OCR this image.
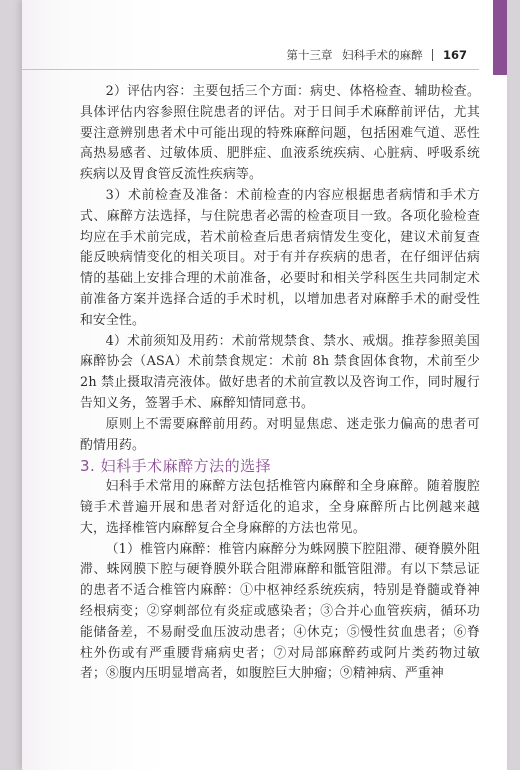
第十三章 妇科手术的麻醉 167

2）评估内容：主要包括三个方面：病史、体格检查、辅助检查。具体评估内容参照住院患者的评估。对于日间手术麻醉前评估，尤其要注意辨别患者术中可能出现的特殊麻醉问题，包括困难气道、恶性高热易感者、过敏体质、肥胖症、血液系统疾病、心脏病、呼吸系统疾病以及胃食管反流性疾病等。

3）术前检查及准备：术前检查的内容应根据患者病情和手术方式、麻醉方法选择，与住院患者必需的检查项目一致。各项化验检查均应在手术前完成，若术前检查后患者病情发生变化，建议术前复查能反映病情变化的相关项目。对于有并存疾病的患者，在仔细评估病情的基础上安排合理的术前准备，必要时和相关学科医生共同制定术前准备方案并选择合适的手术时机，以增加患者对麻醉手术的耐受性和安全性。

4）术前须知及用药：术前常规禁食、禁水、戒烟。推荐参照美国麻醉协会（ASA）术前禁食规定：术前 8h 禁食固体食物，术前至少 2h 禁止摄取清亮液体。做好患者的术前宣教以及咨询工作，同时履行告知义务，签署手术、麻醉知情同意书。

原则上不需要麻醉前用药。对明显焦虑、迷走张力偏高的患者可酌情用药。

3. 妇科手术麻醉方法的选择

妇科手术常用的麻醉方法包括椎管内麻醉和全身麻醉。随着腹腔镜手术普遍开展和患者对舒适化的追求，全身麻醉所占比例越来越大，选择椎管内麻醉复合全身麻醉的方法也常见。

（1）椎管内麻醉：椎管内麻醉分为蛛网膜下腔阻滞、硬脊膜外阻滞、蛛网膜下腔与硬脊膜外联合阻滞麻醉和骶管阻滞。有以下禁忌证的患者不适合椎管内麻醉：①中枢神经系统疾病，特别是脊髓或脊神经根病变；②穿刺部位有炎症或感染者；③合并心血管疾病，循环功能储备差，不易耐受血压波动患者；④休克；⑤慢性贫血患者；⑥脊柱外伤或有严重腰背痛病史者；⑦对局部麻醉药或阿片类药物过敏者；⑧腹内压明显增高者，如腹腔巨大肿瘤；⑨精神病、严重神
